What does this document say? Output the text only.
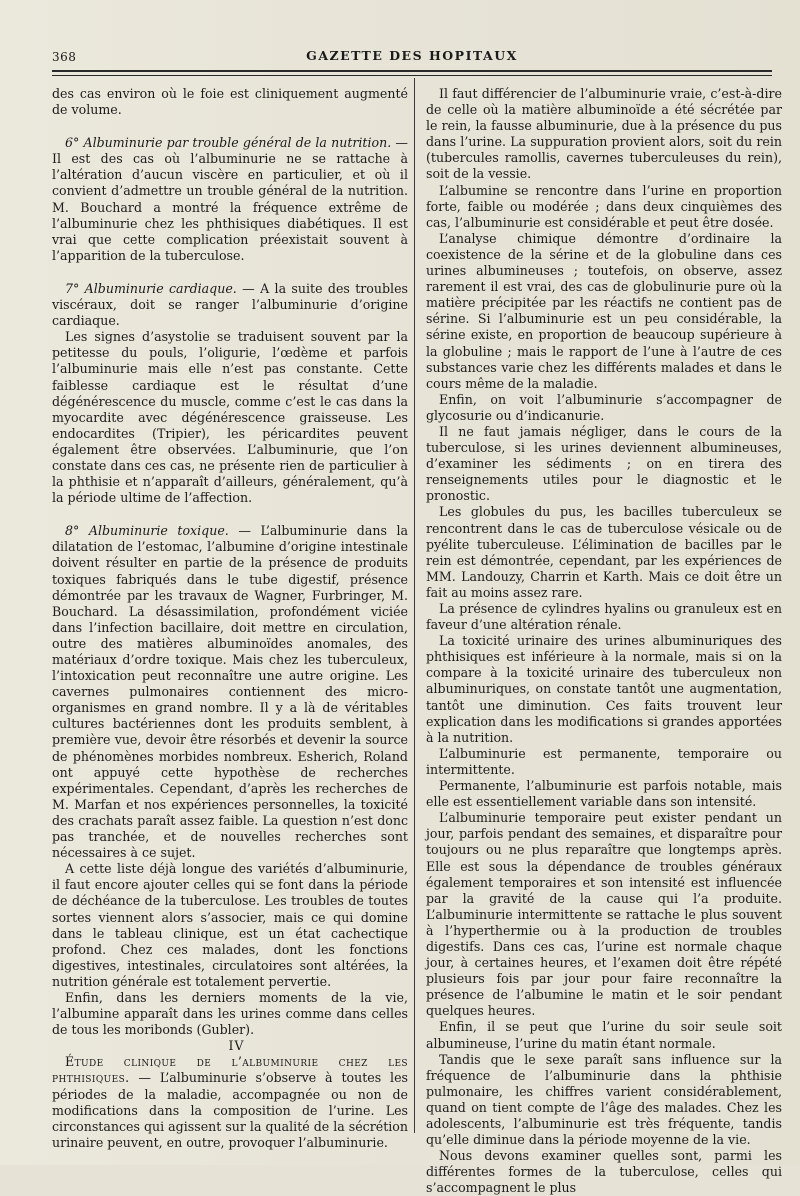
368	GAZETTE DES HOPITAUX

des cas environ où le foie est cliniquement augmenté de volume.

6° Albuminurie par trouble général de la nutrition. — Il est des cas où l’albuminurie ne se rattache à l’altération d’aucun viscère en particulier, et où il convient d’admettre un trouble général de la nutrition. M. Bouchard a montré la fréquence extrême de l’albuminurie chez les phthisiques diabétiques. Il est vrai que cette complication préexistait souvent à l’apparition de la tuberculose.

7° Albuminurie cardiaque. — A la suite des troubles viscéraux, doit se ranger l’albuminurie d’origine cardiaque.

Les signes d’asystolie se traduisent souvent par la petitesse du pouls, l’oligurie, l’œdème et parfois l’albuminurie mais elle n’est pas constante. Cette faiblesse cardiaque est le résultat d’une dégénérescence du muscle, comme c’est le cas dans la myocardite avec dégénérescence graisseuse. Les endocardites (Tripier), les péricardites peuvent également être observées. L’albuminurie, que l’on constate dans ces cas, ne présente rien de particulier à la phthisie et n’apparaît d’ailleurs, généralement, qu’à la période ultime de l’affection.

8° Albuminurie toxique. — L’albuminurie dans la dilatation de l’estomac, l’albumine d’origine intestinale doivent résulter en partie de la présence de produits toxiques fabriqués dans le tube digestif, présence démontrée par les travaux de Wagner, Furbringer, M. Bouchard. La désassimilation, profondément viciée dans l’infection bacillaire, doit mettre en circulation, outre des matières albuminoïdes anomales, des matériaux d’ordre toxique. Mais chez les tuberculeux, l’intoxication peut reconnaître une autre origine. Les cavernes pulmonaires contiennent des micro-organismes en grand nombre. Il y a là de véritables cultures bactériennes dont les produits semblent, à première vue, devoir être résorbés et devenir la source de phénomènes morbides nombreux. Esherich, Roland ont appuyé cette hypothèse de recherches expérimentales. Cependant, d’après les recherches de M. Marfan et nos expériences personnelles, la toxicité des crachats paraît assez faible. La question n’est donc pas tranchée, et de nouvelles recherches sont nécessaires à ce sujet.

A cette liste déjà longue des variétés d’albuminurie, il faut encore ajouter celles qui se font dans la période de déchéance de la tuberculose. Les troubles de toutes sortes viennent alors s’associer, mais ce qui domine dans le tableau clinique, est un état cachectique profond. Chez ces malades, dont les fonctions digestives, intestinales, circulatoires sont altérées, la nutrition générale est totalement pervertie.

Enfin, dans les derniers moments de la vie, l’albumine apparaît dans les urines comme dans celles de tous les moribonds (Gubler).

IV

Étude clinique de l’albuminurie chez les phthisiques. — L’albuminurie s’observe à toutes les périodes de la maladie, accompagnée ou non de modifications dans la composition de l’urine. Les circonstances qui agissent sur la qualité de la sécrétion urinaire peuvent, en outre, provoquer l’albuminurie.

Il faut différencier de l’albuminurie vraie, c’est-à-dire de celle où la matière albuminoïde a été sécrétée par le rein, la fausse albuminurie, due à la présence du pus dans l’urine. La suppuration provient alors, soit du rein (tubercules ramollis, cavernes tuberculeuses du rein), soit de la vessie.

L’albumine se rencontre dans l’urine en proportion forte, faible ou modérée ; dans deux cinquièmes des cas, l’albuminurie est considérable et peut être dosée.

L’analyse chimique démontre d’ordinaire la coexistence de la sérine et de la globuline dans ces urines albumineuses ; toutefois, on observe, assez rarement il est vrai, des cas de globulinurie pure où la matière précipitée par les réactifs ne contient pas de sérine. Si l’albuminurie est un peu considérable, la sérine existe, en proportion de beaucoup supérieure à la globuline ; mais le rapport de l’une à l’autre de ces substances varie chez les différents malades et dans le cours même de la maladie.

Enfin, on voit l’albuminurie s’accompagner de glycosurie ou d’indicanurie.

Il ne faut jamais négliger, dans le cours de la tuberculose, si les urines deviennent albumineuses, d’examiner les sédiments ; on en tirera des renseignements utiles pour le diagnostic et le pronostic.

Les globules du pus, les bacilles tuberculeux se rencontrent dans le cas de tuberculose vésicale ou de pyélite tuberculeuse. L’élimination de bacilles par le rein est démontrée, cependant, par les expériences de MM. Landouzy, Charrin et Karth. Mais ce doit être un fait au moins assez rare.

La présence de cylindres hyalins ou granuleux est en faveur d’une altération rénale.

La toxicité urinaire des urines albuminuriques des phthisiques est inférieure à la normale, mais si on la compare à la toxicité urinaire des tuberculeux non albuminuriques, on constate tantôt une augmentation, tantôt une diminution. Ces faits trouvent leur explication dans les modifications si grandes apportées à la nutrition.

L’albuminurie est permanente, temporaire ou intermittente.

Permanente, l’albuminurie est parfois notable, mais elle est essentiellement variable dans son intensité.

L’albuminurie temporaire peut exister pendant un jour, parfois pendant des semaines, et disparaître pour toujours ou ne plus reparaître que longtemps après. Elle est sous la dépendance de troubles généraux également temporaires et son intensité est influencée par la gravité de la cause qui l’a produite. L’albuminurie intermittente se rattache le plus souvent à l’hyperthermie ou à la production de troubles digestifs. Dans ces cas, l’urine est normale chaque jour, à certaines heures, et l’examen doit être répété plusieurs fois par jour pour faire reconnaître la présence de l’albumine le matin et le soir pendant quelques heures.

Enfin, il se peut que l’urine du soir seule soit albumineuse, l’urine du matin étant normale.

Tandis que le sexe paraît sans influence sur la fréquence de l’albuminurie dans la phthisie pulmonaire, les chiffres varient considérablement, quand on tient compte de l’âge des malades. Chez les adolescents, l’albuminurie est très fréquente, tandis qu’elle diminue dans la période moyenne de la vie.

Nous devons examiner quelles sont, parmi les différentes formes de la tuberculose, celles qui s’accompagnent le plus
